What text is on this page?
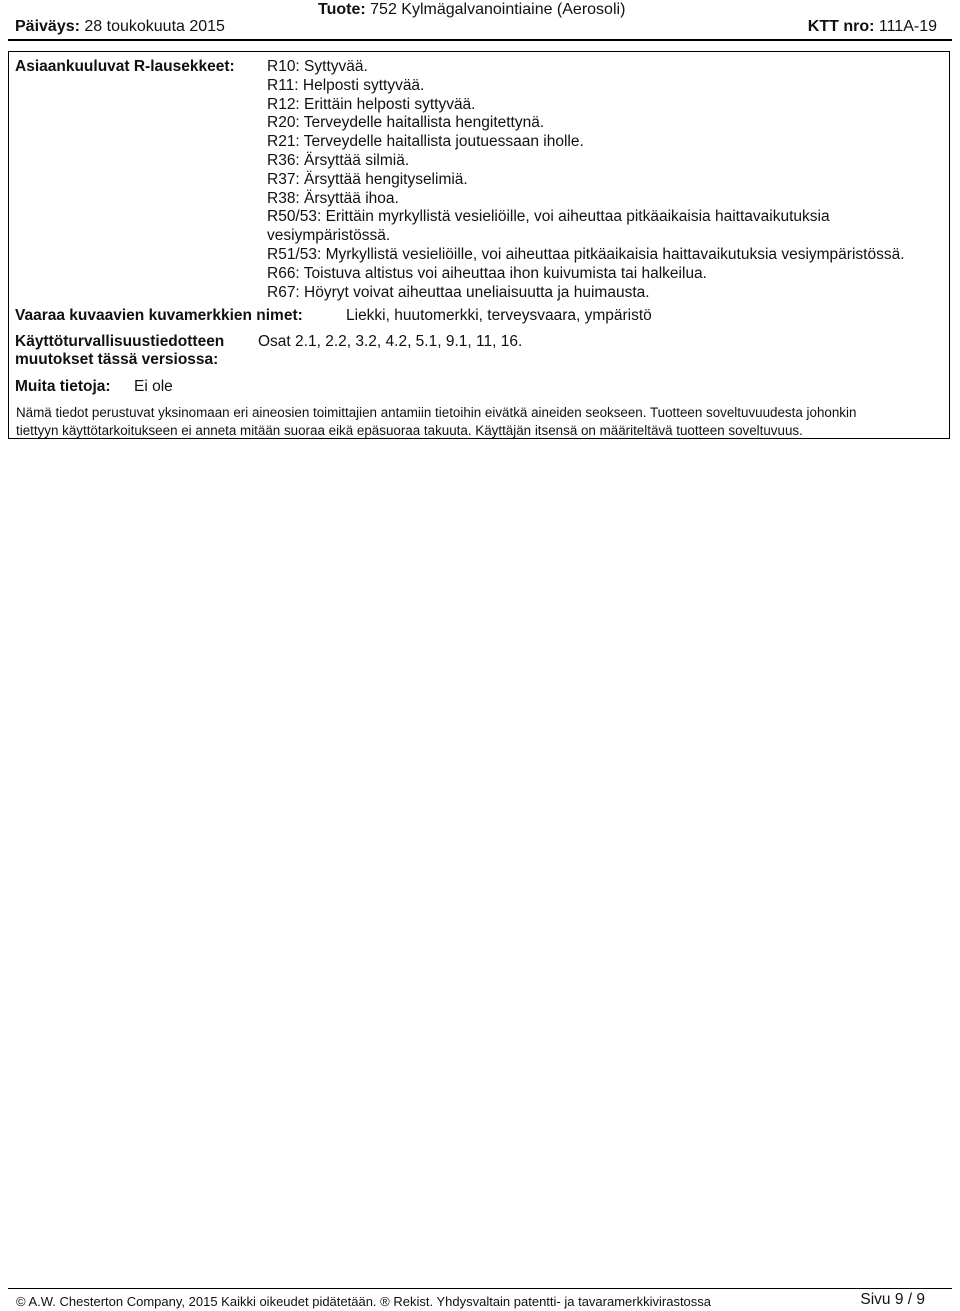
Päiväys: 28 toukokuuta 2015
Tuote: 752 Kylmägalvanointiaine (Aerosoli)
KTT nro: 111A-19
Asiaankuuluvat R-lausekkeet: R10: Syttyvää.
R11: Helposti syttyvää.
R12: Erittäin helposti syttyvää.
R20: Terveydelle haitallista hengitettynä.
R21: Terveydelle haitallista joutuessaan iholle.
R36: Ärsyttää silmiä.
R37: Ärsyttää hengityselimiä.
R38: Ärsyttää ihoa.
R50/53: Erittäin myrkyllistä vesieliöille, voi aiheuttaa pitkäaikaisia haittavaikutuksia
vesiympäristössä.
R51/53: Myrkyllistä vesieliöille, voi aiheuttaa pitkäaikaisia haittavaikutuksia vesiympäristössä.
R66: Toistuva altistus voi aiheuttaa ihon kuivumista tai halkeilua.
R67: Höyryt voivat aiheuttaa uneliaisuutta ja huimausta.
Vaaraa kuvaavien kuvamerkkien nimet:	Liekki, huutomerkki, terveysvaara, ympäristö
Käyttöturvallisuustiedotteen
muutokset tässä versiossa:
Osat 2.1, 2.2, 3.2, 4.2, 5.1, 9.1, 11, 16.
Muita tietoja: Ei ole
Nämä tiedot perustuvat yksinomaan eri aineosien toimittajien antamiin tietoihin eivätkä aineiden seokseen. Tuotteen soveltuvuudesta johonkin
tiettyyn käyttötarkoitukseen ei anneta mitään suoraa eikä epäsuoraa takuuta. Käyttäjän itsensä on määriteltävä tuotteen soveltuvuus.
© A.W. Chesterton Company, 2015 Kaikki oikeudet pidätetään. ® Rekist. Yhdysvaltain patentti- ja tavaramerkkivirastossa	Sivu 9 / 9
